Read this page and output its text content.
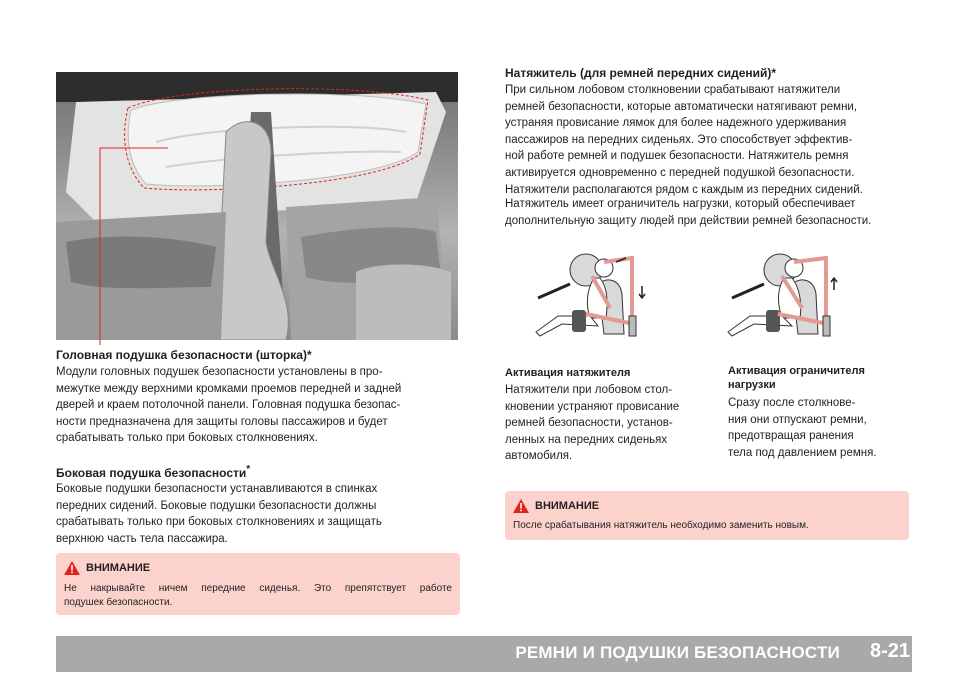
Головная подушка безопасности (шторка)*
Модули головных подушек безопасности установлены в про-
межутке между верхними кромками проемов передней и задней
дверей и краем потолочной панели. Головная подушка безопас-
ности предназначена для защиты головы пассажиров и будет
срабатывать только при боковых столкновениях.
Боковая подушка безопасности*
Боковые подушки безопасности устанавливаются в спинках
передних сидений. Боковые подушки безопасности должны
срабатывать только при боковых столкновениях и защищать
верхнюю часть тела пассажира.
ВНИМАНИЕ
Не накрывайте ничем передние сиденья. Это препятствует работе
подушек безопасности.
Натяжитель (для ремней передних сидений)*
При сильном лобовом столкновении срабатывают натяжители
ремней безопасности, которые автоматически натягивают ремни,
устраняя провисание лямок для более надежного удерживания
пассажиров на передних сиденьях. Это способствует эффектив-
ной работе ремней и подушек безопасности. Натяжитель ремня
активируется одновременно с передней подушкой безопасности.
Натяжители располагаются рядом с каждым из передних сидений.
Натяжитель имеет ограничитель нагрузки, который обеспечивает
дополнительную защиту людей при действии ремней безопасности.
Активация натяжителя
Натяжители при лобовом стол-
кновении устраняют провисание
ремней безопасности, установ-
ленных на передних сиденьях
автомобиля.
Активация ограничителя
нагрузки
Сразу после столкнове-
ния они отпускают ремни,
предотвращая ранения
тела под давлением ремня.
ВНИМАНИЕ
После срабатывания натяжитель необходимо заменить новым.
РЕМНИ И ПОДУШКИ БЕЗОПАСНОСТИ 8-21
